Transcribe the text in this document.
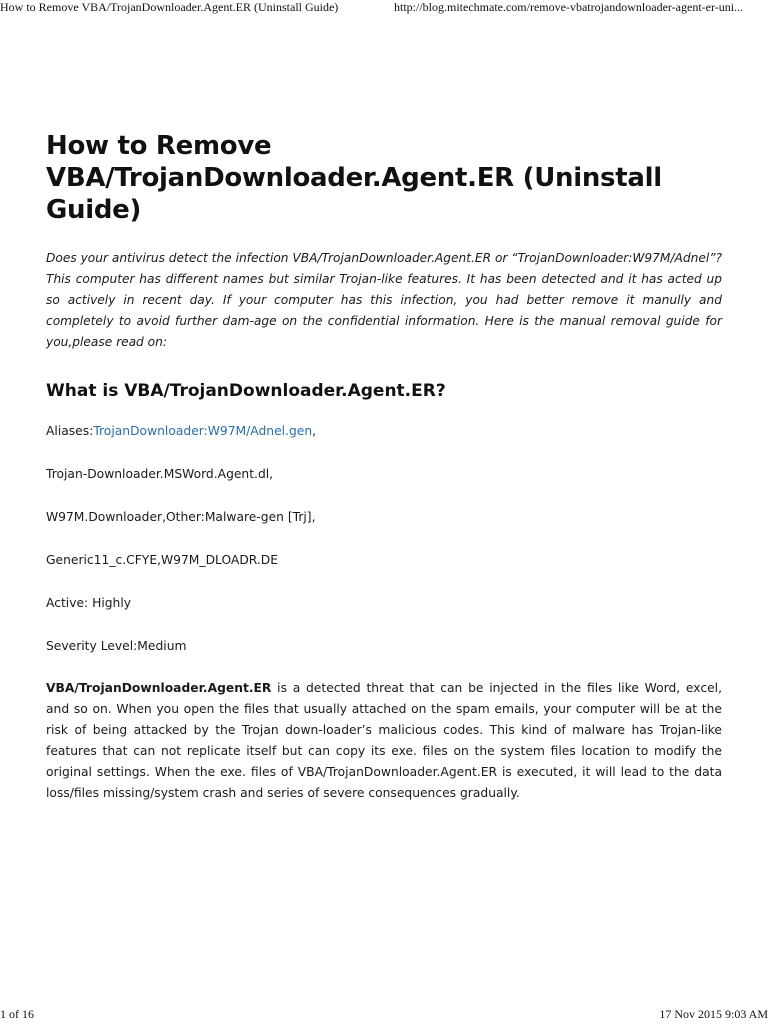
How to Remove VBA/TrojanDownloader.Agent.ER (Uninstall Guide)	http://blog.mitechmate.com/remove-vbatrojandownloader-agent-er-uni...
How to Remove VBA/TrojanDownloader.Agent.ER (Uninstall Guide)

Does your antivirus detect the infection VBA/TrojanDownloader.Agent.ER or “TrojanDownloader:W97M/Adnel”? This computer has different names but similar Trojan-like features. It has been detected and it has acted up so actively in recent day. If your computer has this infection, you had better remove it manully and completely to avoid further dam-age on the confidential information. Here is the manual removal guide for you,please read on:

What is VBA/TrojanDownloader.Agent.ER?

Aliases:TrojanDownloader:W97M/Adnel.gen,

Trojan-Downloader.MSWord.Agent.dl,

W97M.Downloader,Other:Malware-gen [Trj],

Generic11_c.CFYE,W97M_DLOADR.DE

Active: Highly

Severity Level:Medium

VBA/TrojanDownloader.Agent.ER is a detected threat that can be injected in the files like Word, excel, and so on. When you open the files that usually attached on the spam emails, your computer will be at the risk of being attacked by the Trojan down-loader’s malicious codes. This kind of malware has Trojan-like features that can not replicate itself but can copy its exe. files on the system files location to modify the original settings. When the exe. files of VBA/TrojanDownloader.Agent.ER is executed, it will lead to the data loss/files missing/system crash and series of severe consequences gradually.

1 of 16	17 Nov 2015 9:03 AM
